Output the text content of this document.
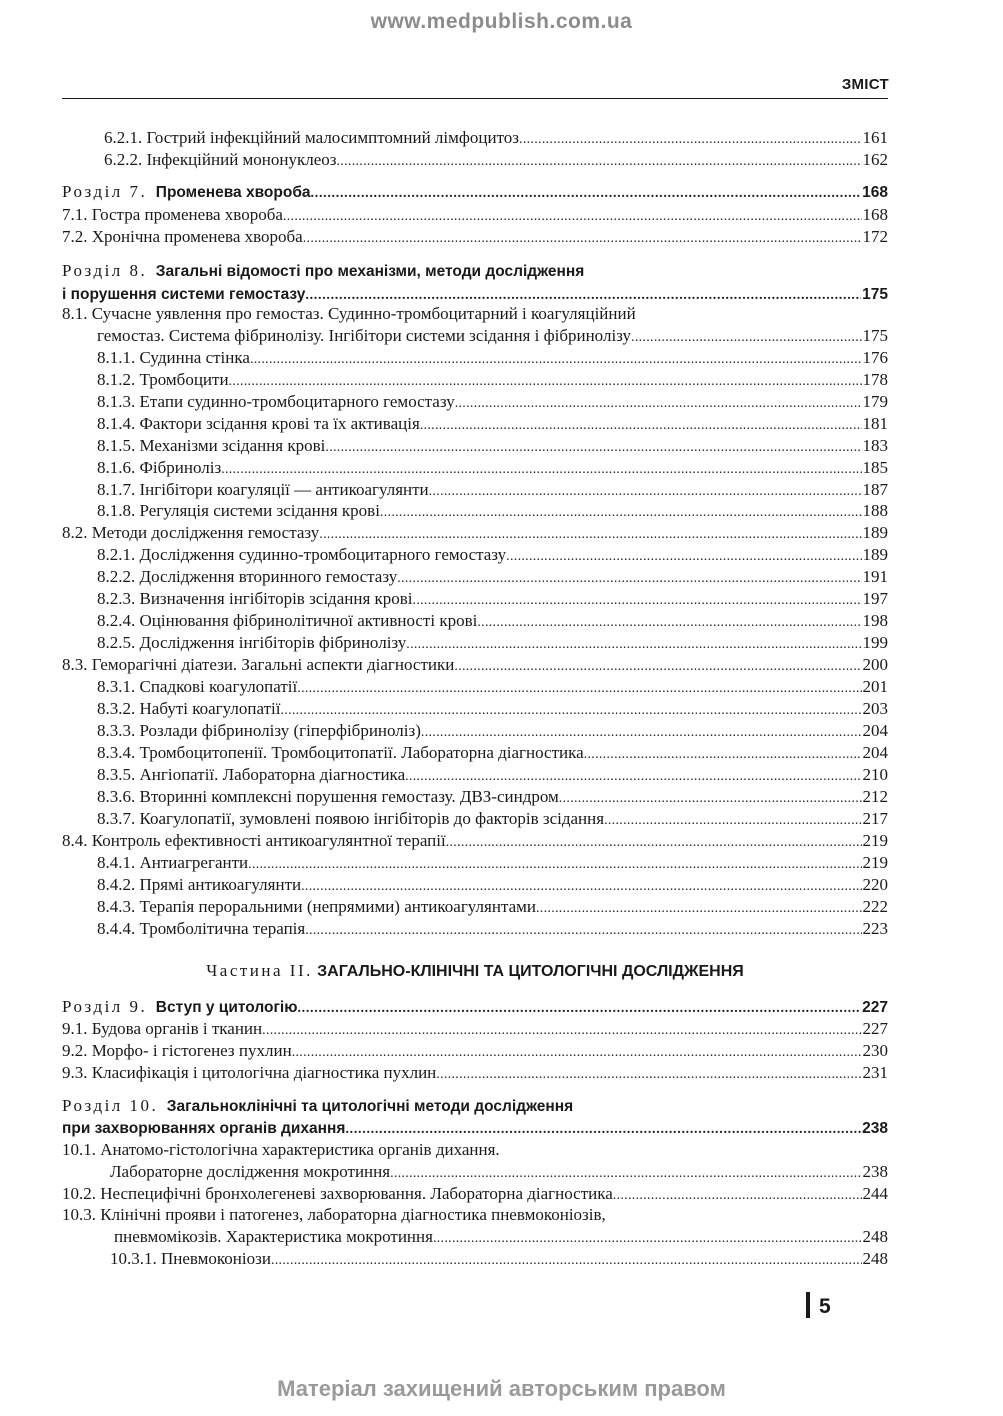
www.medpublish.com.ua
ЗМІСТ
6.2.1. Гострий інфекційний малосимптомний лімфоцитоз . . .	161
6.2.2. Інфекційний мононуклеоз . . .	162
Розділ 7. Променева хвороба . . .	168
7.1. Гостра променева хвороба . . .	168
7.2. Хронічна променева хвороба . . .	172
Розділ 8. Загальні відомості про механізми, методи дослідження
і порушення системи гемостазу . . .	175
8.1. Сучасне уявлення про гемостаз. Судинно-тромбоцитарний і коагуляційний
гемостаз. Система фібринолізу. Інгібітори системи зсідання і фібринолізу . . .	175
8.1.1. Судинна стінка . . .	176
8.1.2. Тромбоцити . . .	178
8.1.3. Етапи судинно-тромбоцитарного гемостазу . . .	179
8.1.4. Фактори зсідання крові та їх активація . . .	181
8.1.5. Механізми зсідання крові . . .	183
8.1.6. Фібриноліз . . .	185
8.1.7. Інгібітори коагуляції — антикоагулянти . . .	187
8.1.8. Регуляція системи зсідання крові . . .	188
8.2. Методи дослідження гемостазу . . .	189
8.2.1. Дослідження судинно-тромбоцитарного гемостазу . . .	189
8.2.2. Дослідження вторинного гемостазу . . .	191
8.2.3. Визначення інгібіторів зсідання крові . . .	197
8.2.4. Оцінювання фібринолітичної активності крові . . .	198
8.2.5. Дослідження інгібіторів фібринолізу . . .	199
8.3. Геморагічні діатези. Загальні аспекти діагностики . . .	200
8.3.1. Спадкові коагулопатії . . .	201
8.3.2. Набуті коагулопатії . . .	203
8.3.3. Розлади фібринолізу (гіперфібриноліз) . . .	204
8.3.4. Тромбоцитопенії. Тромбоцитопатії. Лабораторна діагностика . . .	204
8.3.5. Ангіопатії. Лабораторна діагностика . . .	210
8.3.6. Вторинні комплексні порушення гемостазу. ДВЗ-синдром . . .	212
8.3.7. Коагулопатії, зумовлені появою інгібіторів до факторів зсідання . . .	217
8.4. Контроль ефективності антикоагулянтної терапії . . .	219
8.4.1. Антиагреганти . . .	219
8.4.2. Прямі антикоагулянти . . .	220
8.4.3. Терапія пероральними (непрямими) антикоагулянтами . . .	222
8.4.4. Тромболітична терапія . . .	223
Частина II. ЗАГАЛЬНО-КЛІНІЧНІ ТА ЦИТОЛОГІЧНІ ДОСЛІДЖЕННЯ
Розділ 9. Вступ у цитологію . . .	227
9.1. Будова органів і тканин . . .	227
9.2. Морфо- і гістогенез пухлин . . .	230
9.3. Класифікація і цитологічна діагностика пухлин . . .	231
Розділ 10. Загальноклінічні та цитологічні методи дослідження
при захворюваннях органів дихання . . .	238
10.1. Анатомо-гістологічна характеристика органів дихання.
Лабораторне дослідження мокротиння . . .	238
10.2. Неспецифічні бронхолегеневі захворювання. Лабораторна діагностика . . .	244
10.3. Клінічні прояви і патогенез, лабораторна діагностика пневмоконіозів,
пневмомікозів. Характеристика мокротиння . . .	248
10.3.1. Пневмоконіози . . .	248
5
Матеріал захищений авторським правом
